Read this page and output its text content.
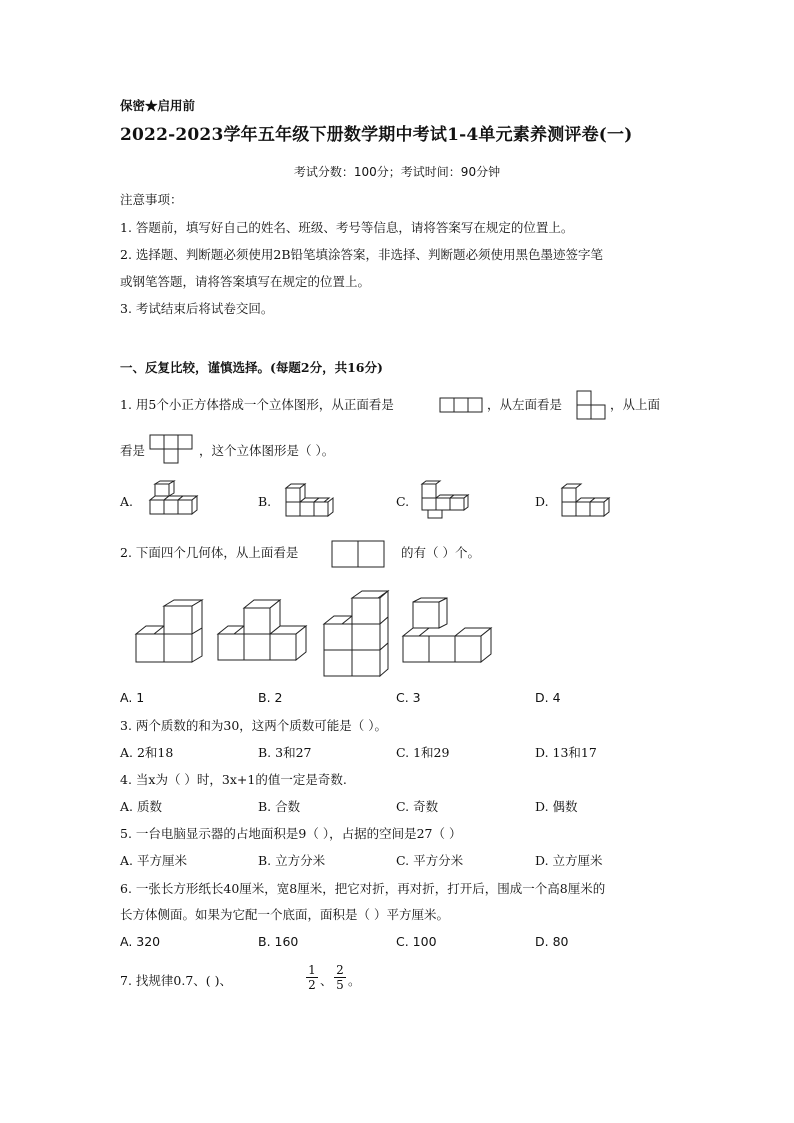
保密★启用前
2022-2023学年五年级下册数学期中考试1-4单元素养测评卷(一)
考试分数：100分；考试时间：90分钟
注意事项：
1. 答题前，填写好自己的姓名、班级、考号等信息，请将答案写在规定的位置上。
2. 选择题、判断题必须使用2B铅笔填涂答案，非选择、判断题必须使用黑色墨迹签字笔
或钢笔答题，请将答案填写在规定的位置上。
3. 考试结束后将试卷交回。
一、反复比较，谨慎选择。(每题2分，共16分)
1. 用5个小正方体搭成一个立体图形，从正面看是	，从左面看是	，从上面
看是	，这个立体图形是（ ）。
A.	B.	C.	D.
2. 下面四个几何体，从上面看是	的有（ ）个。
A. 1	B. 2	C. 3	D. 4
3. 两个质数的和为30，这两个质数可能是（ ）。
A. 2和18	B. 3和27	C. 1和29	D. 13和17
4. 当x为（ ）时，3x+1的值一定是奇数.
A. 质数	B. 合数	C. 奇数	D. 偶数
5. 一台电脑显示器的占地面积是9（ ），占据的空间是27（ ）
A. 平方厘米	B. 立方分米	C. 平方分米	D. 立方厘米
6. 一张长方形纸长40厘米，宽8厘米，把它对折，再对折，打开后，围成一个高8厘米的
长方体侧面。如果为它配一个底面，面积是（ ）平方厘米。
A. 320	B. 160	C. 100	D. 80
7. 找规律0.7、( )、
1
2 、
2
5 。
